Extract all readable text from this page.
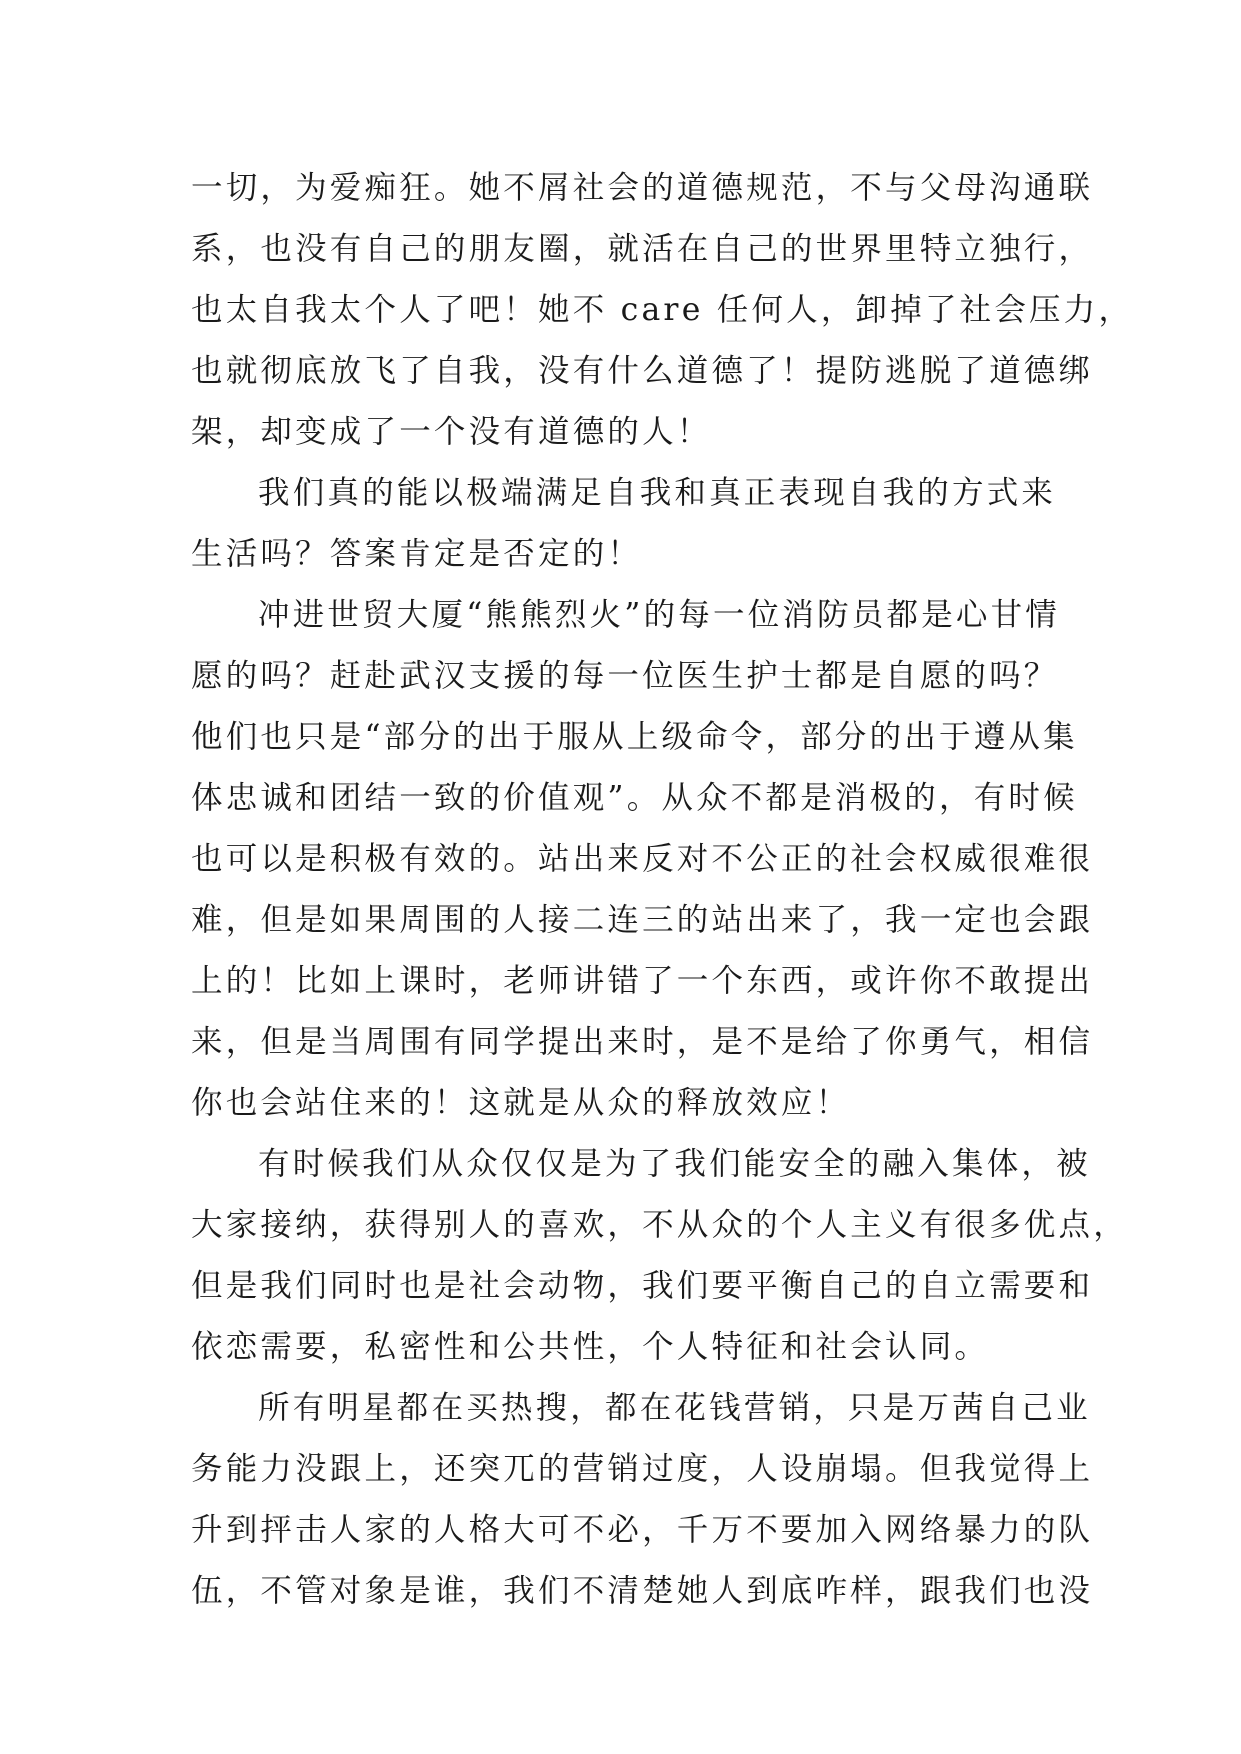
一切，为爱痴狂。她不屑社会的道德规范，不与父母沟通联
系，也没有自己的朋友圈，就活在自己的世界里特立独行，
也太自我太个人了吧！她不 care 任何人，卸掉了社会压力，
也就彻底放飞了自我，没有什么道德了！提防逃脱了道德绑
架，却变成了一个没有道德的人！
我们真的能以极端满足自我和真正表现自我的方式来
生活吗？答案肯定是否定的！
冲进世贸大厦“熊熊烈火”的每一位消防员都是心甘情
愿的吗？赶赴武汉支援的每一位医生护士都是自愿的吗？
他们也只是“部分的出于服从上级命令，部分的出于遵从集
体忠诚和团结一致的价值观”。从众不都是消极的，有时候
也可以是积极有效的。站出来反对不公正的社会权威很难很
难，但是如果周围的人接二连三的站出来了，我一定也会跟
上的！比如上课时，老师讲错了一个东西，或许你不敢提出
来，但是当周围有同学提出来时，是不是给了你勇气，相信
你也会站住来的！这就是从众的释放效应！
有时候我们从众仅仅是为了我们能安全的融入集体，被
大家接纳，获得别人的喜欢，不从众的个人主义有很多优点，
但是我们同时也是社会动物，我们要平衡自己的自立需要和
依恋需要，私密性和公共性，个人特征和社会认同。
所有明星都在买热搜，都在花钱营销，只是万茜自己业
务能力没跟上，还突兀的营销过度，人设崩塌。但我觉得上
升到抨击人家的人格大可不必，千万不要加入网络暴力的队
伍，不管对象是谁，我们不清楚她人到底咋样，跟我们也没
